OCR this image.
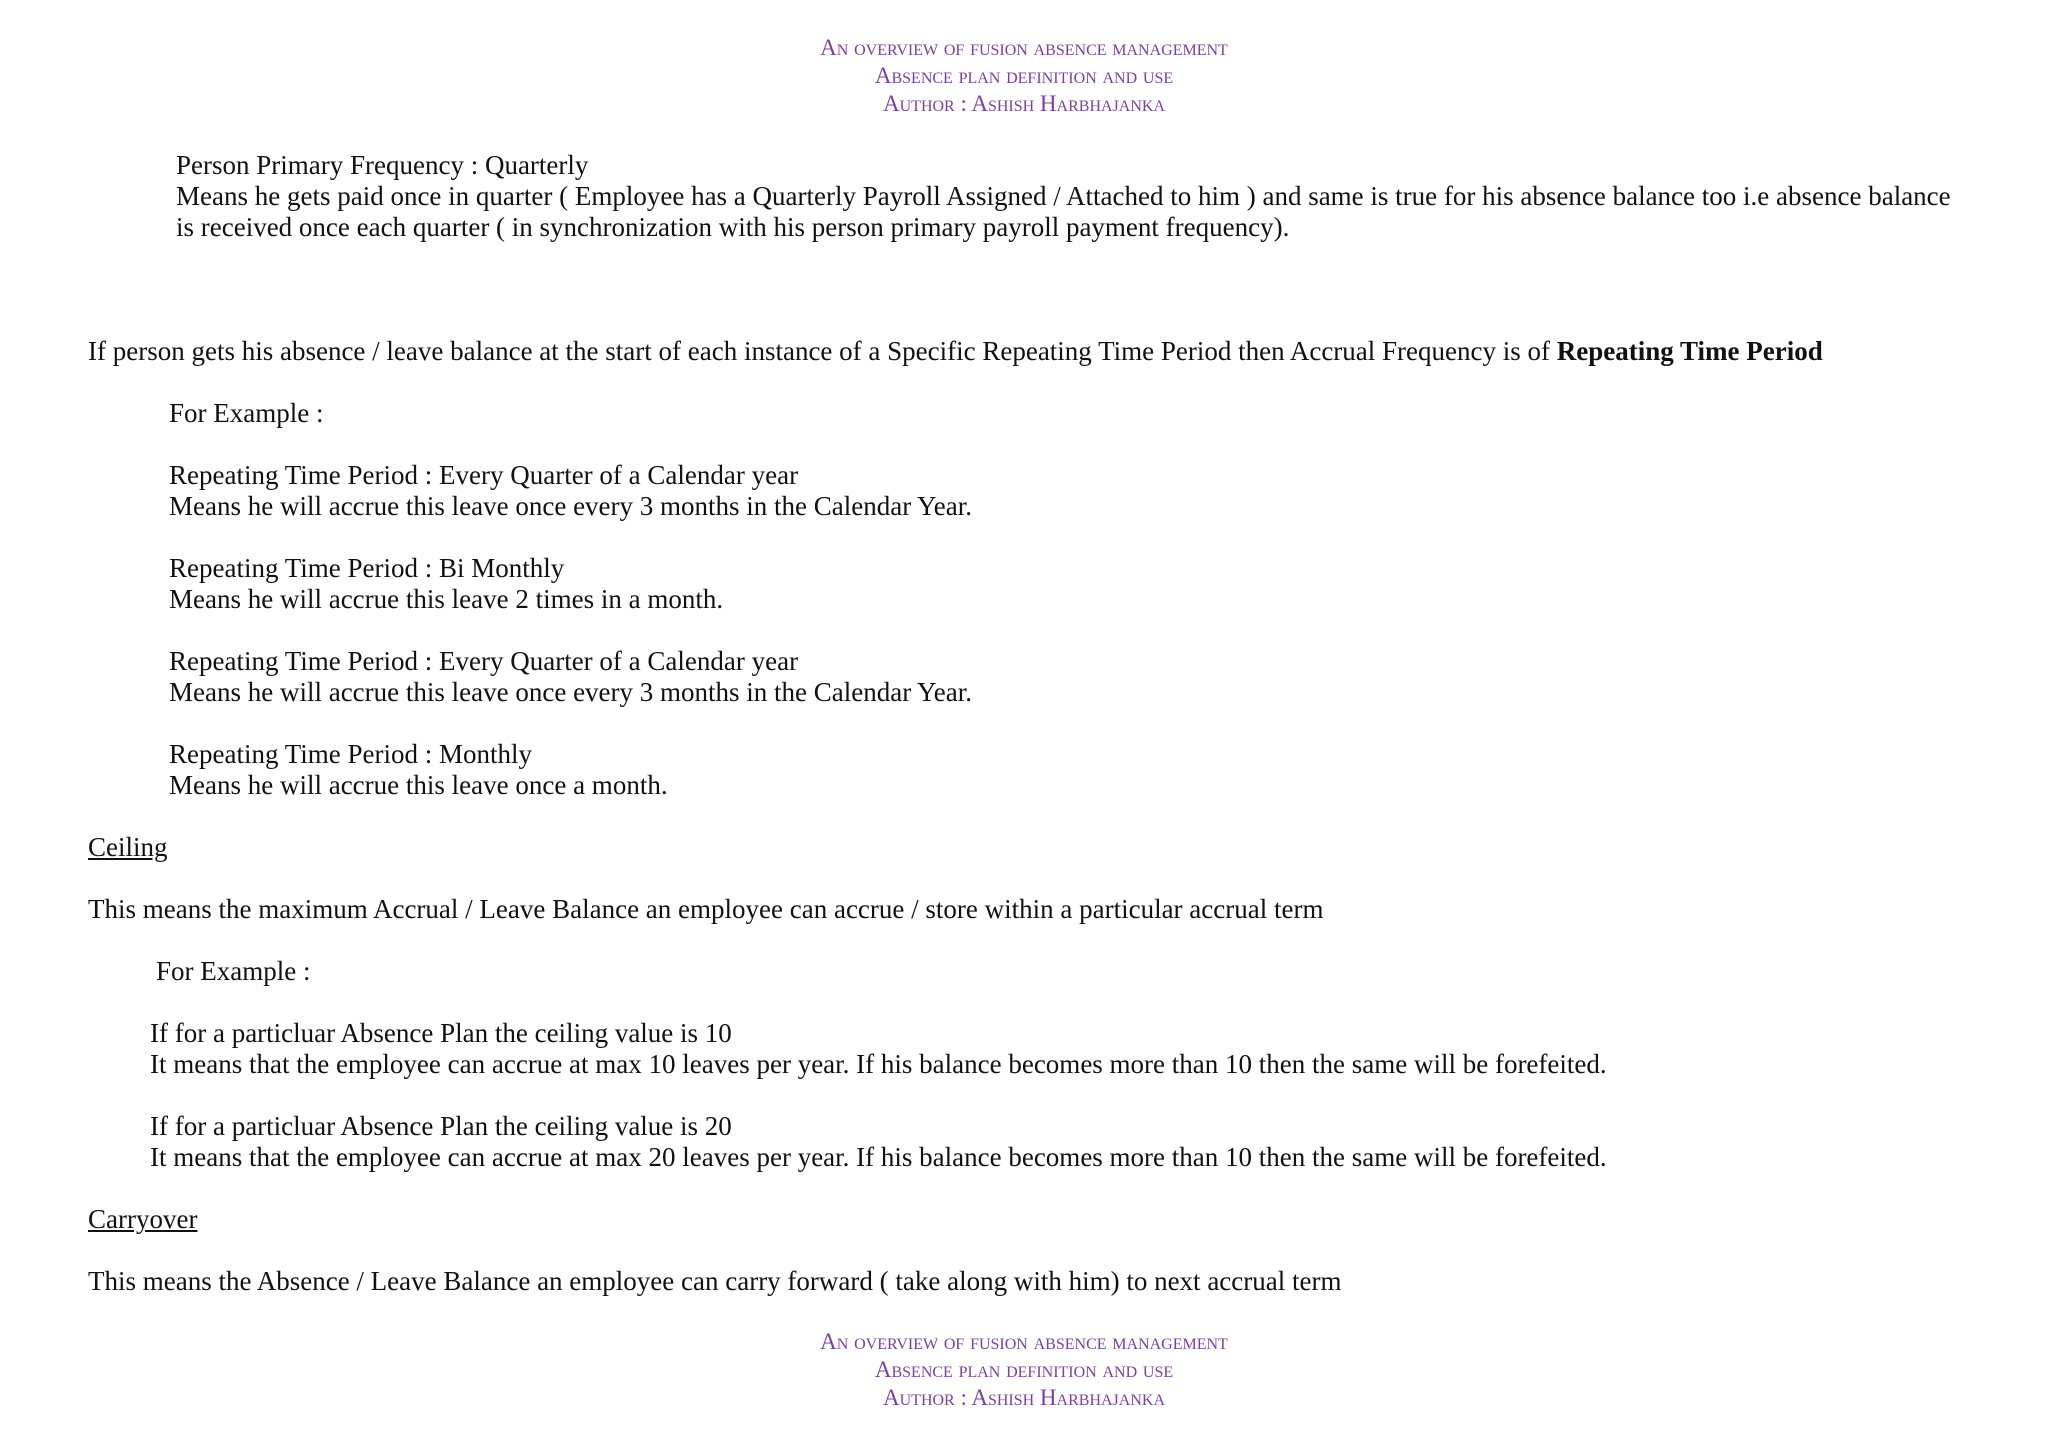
An overview of fusion absence management
Absence plan definition and use
Author : Ashish Harbhajanka
Person Primary Frequency : Quarterly
Means he gets paid once in quarter ( Employee has a Quarterly Payroll Assigned / Attached to him ) and same is true for his absence balance too i.e absence balance
is received once each quarter ( in synchronization with his person primary payroll payment frequency).
If person gets his absence / leave balance at the start of each instance of a Specific Repeating Time Period then Accrual Frequency is of Repeating Time Period
For Example :
Repeating Time Period : Every Quarter of a Calendar year
Means he will accrue this leave once every 3 months in the Calendar Year.
Repeating Time Period : Bi Monthly
Means he will accrue this leave 2 times in a month.
Repeating Time Period : Every Quarter of a Calendar year
Means he will accrue this leave once every 3 months in the Calendar Year.
Repeating Time Period : Monthly
Means he will accrue this leave once a month.
Ceiling
This means the maximum Accrual / Leave Balance an employee can accrue / store within a particular accrual term
For Example :
If for a particluar Absence Plan the ceiling value is 10
It means that the employee can accrue at max 10 leaves per year. If his balance becomes more than 10 then the same will be forefeited.
If for a particluar Absence Plan the ceiling value is 20
It means that the employee can accrue at max 20 leaves per year. If his balance becomes more than 10 then the same will be forefeited.
Carryover
This means the Absence / Leave Balance an employee can carry forward ( take along with him) to next accrual term
An overview of fusion absence management
Absence plan definition and use
Author : Ashish Harbhajanka
